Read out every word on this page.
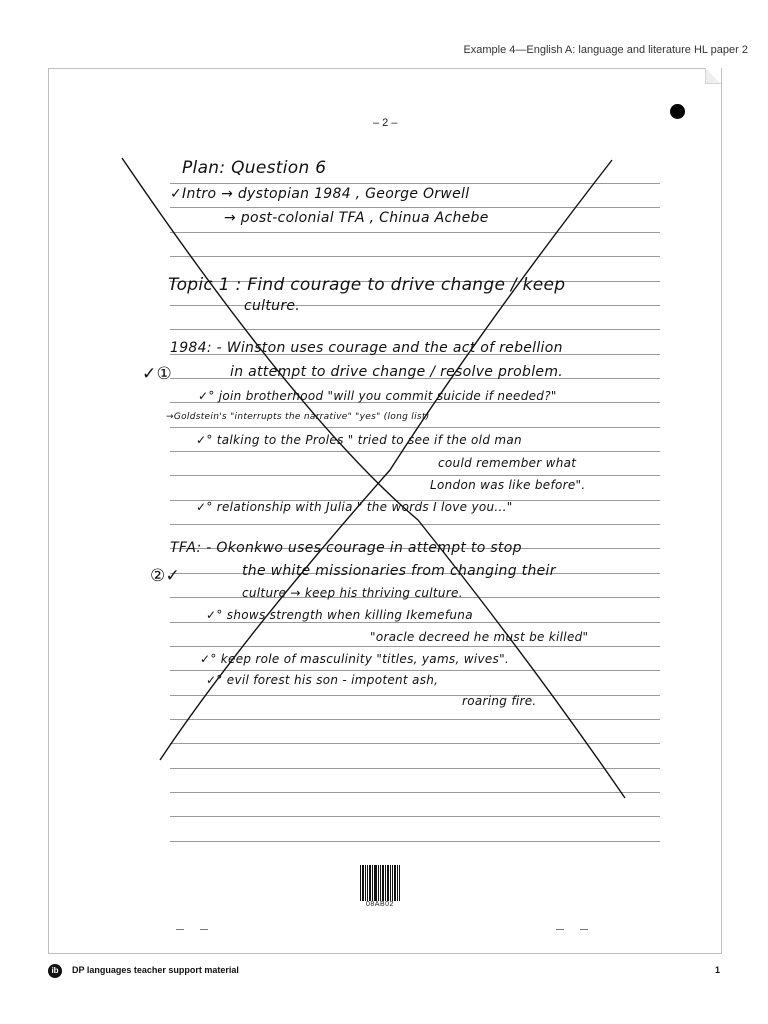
Example 4—English A: language and literature HL paper 2
– 2 –
Plan: Question 6
✓Intro → dystopian 1984 , George Orwell
→ post-colonial TFA , Chinua Achebe
Topic 1 : Find courage to drive change / keep
culture.
1984: - Winston uses courage and the act of rebellion
in attempt to drive change / resolve problem.
✓①
✓° join brotherhood "will you commit suicide if needed?"
→Goldstein's "interrupts the narrative" "yes" (long list)
✓° talking to the Proles " tried to see if the old man
could remember what
London was like before".
✓° relationship with Julia " the words I love you..."
TFA: - Okonkwo uses courage in attempt to stop
the white missionaries from changing their
culture → keep his thriving culture.
②✓
✓° shows strength when killing Ikemefuna
"oracle decreed he must be killed"
✓° keep role of masculinity "titles, yams, wives".
✓° evil forest his son - impotent ash,
roaring fire.
08AB02
ib	DP languages teacher support material	1
